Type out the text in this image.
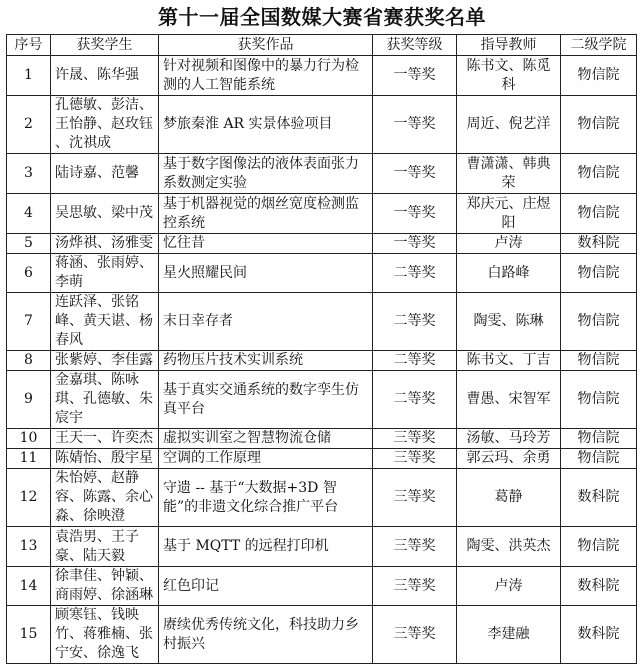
第十一届全国数媒大赛省赛获奖名单
序号	获奖学生	获奖作品	获奖等级	指导教师	二级学院
1	许晟、陈华强	针对视频和图像中的暴力行为检测的人工智能系统	一等奖	陈书文、陈觅科	物信院
2	孔德敏、彭洁、王怡静、赵玫钰 、沈祺成	梦旅秦淮 AR 实景体验项目	一等奖	周近、倪艺洋	物信院
3	陆诗嘉、范馨	基于数字图像法的液体表面张力系数测定实验	一等奖	曹潇潇、韩典荣	物信院
4	吴思敏、梁中茂	基于机器视觉的烟丝宽度检测监控系统	一等奖	郑庆元、庄煜阳	物信院
5	汤烨祺、汤雅雯	忆往昔	一等奖	卢涛	数科院
6	蒋涵、张雨婷、李萌	星火照耀民间	二等奖	白路峰	物信院
7	连跃泽、张铭峰、黄天谌、杨春风	末日幸存者	二等奖	陶雯、陈琳	物信院
8	张紫婷、李佳露	药物压片技术实训系统	二等奖	陈书文、丁吉	物信院
9	金嘉琪、陈咏琪、孔德敏、朱宸宇	基于真实交通系统的数字孪生仿真平台	二等奖	曹愚、宋智军	物信院
10	王天一、许奕杰	虚拟实训室之智慧物流仓储	三等奖	汤敏、马玲芳	物信院
11	陈婧怡、殷宇星	空调的工作原理	三等奖	郭云玛、余勇	物信院
12	朱怡婷、赵静容、陈露、余心淼、徐映澄	守遗 -- 基于“大数据+3D 智能”的非遗文化综合推广平台	三等奖	葛静	数科院
13	袁浩男、王子豪、陆天毅	基于 MQTT 的远程打印机	三等奖	陶雯、洪英杰	物信院
14	徐聿佳、钟颖、商雨婷、徐涵琳	红色印记	三等奖	卢涛	数科院
15	顾寒钰、钱映竹、蒋雅楠、张宁安、徐逸飞	赓续优秀传统文化，科技助力乡村振兴	三等奖	李建融	数科院
